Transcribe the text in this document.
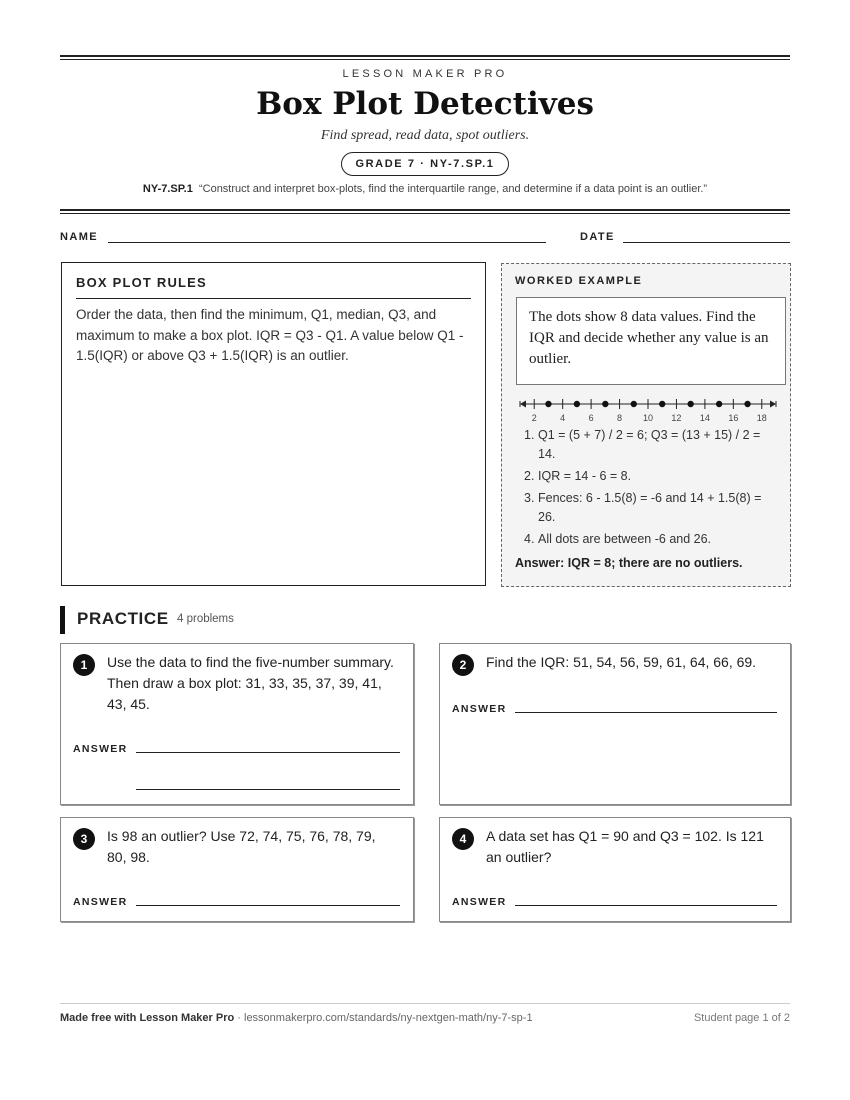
LESSON MAKER PRO
Box Plot Detectives
Find spread, read data, spot outliers.
GRADE 7 · NY-7.SP.1
NY-7.SP.1 “Construct and interpret box-plots, find the interquartile range, and determine if a data point is an outlier.”
NAME	DATE
BOX PLOT RULES
Order the data, then find the minimum, Q1, median, Q3, and maximum to make a box plot. IQR = Q3 - Q1. A value below Q1 - 1.5(IQR) or above Q3 + 1.5(IQR) is an outlier.
WORKED EXAMPLE
The dots show 8 data values. Find the IQR and decide whether any value is an outlier.
2	4	6	8 10 12 14 16 18
1. Q1 = (5 + 7) / 2 = 6; Q3 = (13 + 15) / 2 = 14.
2. IQR = 14 - 6 = 8.
3. Fences: 6 - 1.5(8) = -6 and 14 + 1.5(8) = 26.
4. All dots are between -6 and 26.
Answer: IQR = 8; there are no outliers.
PRACTICE 4 problems
1	Use the data to find the five-number summary. Then draw a box plot: 31, 33, 35, 37, 39, 41, 43, 45.
ANSWER
2	Find the IQR: 51, 54, 56, 59, 61, 64, 66, 69.
ANSWER
3	Is 98 an outlier? Use 72, 74, 75, 76, 78, 79, 80, 98.
ANSWER
4	A data set has Q1 = 90 and Q3 = 102. Is 121 an outlier?
ANSWER
Made free with Lesson Maker Pro · lessonmakerpro.com/standards/ny-nextgen-math/ny-7-sp-1	Student page 1 of 2
